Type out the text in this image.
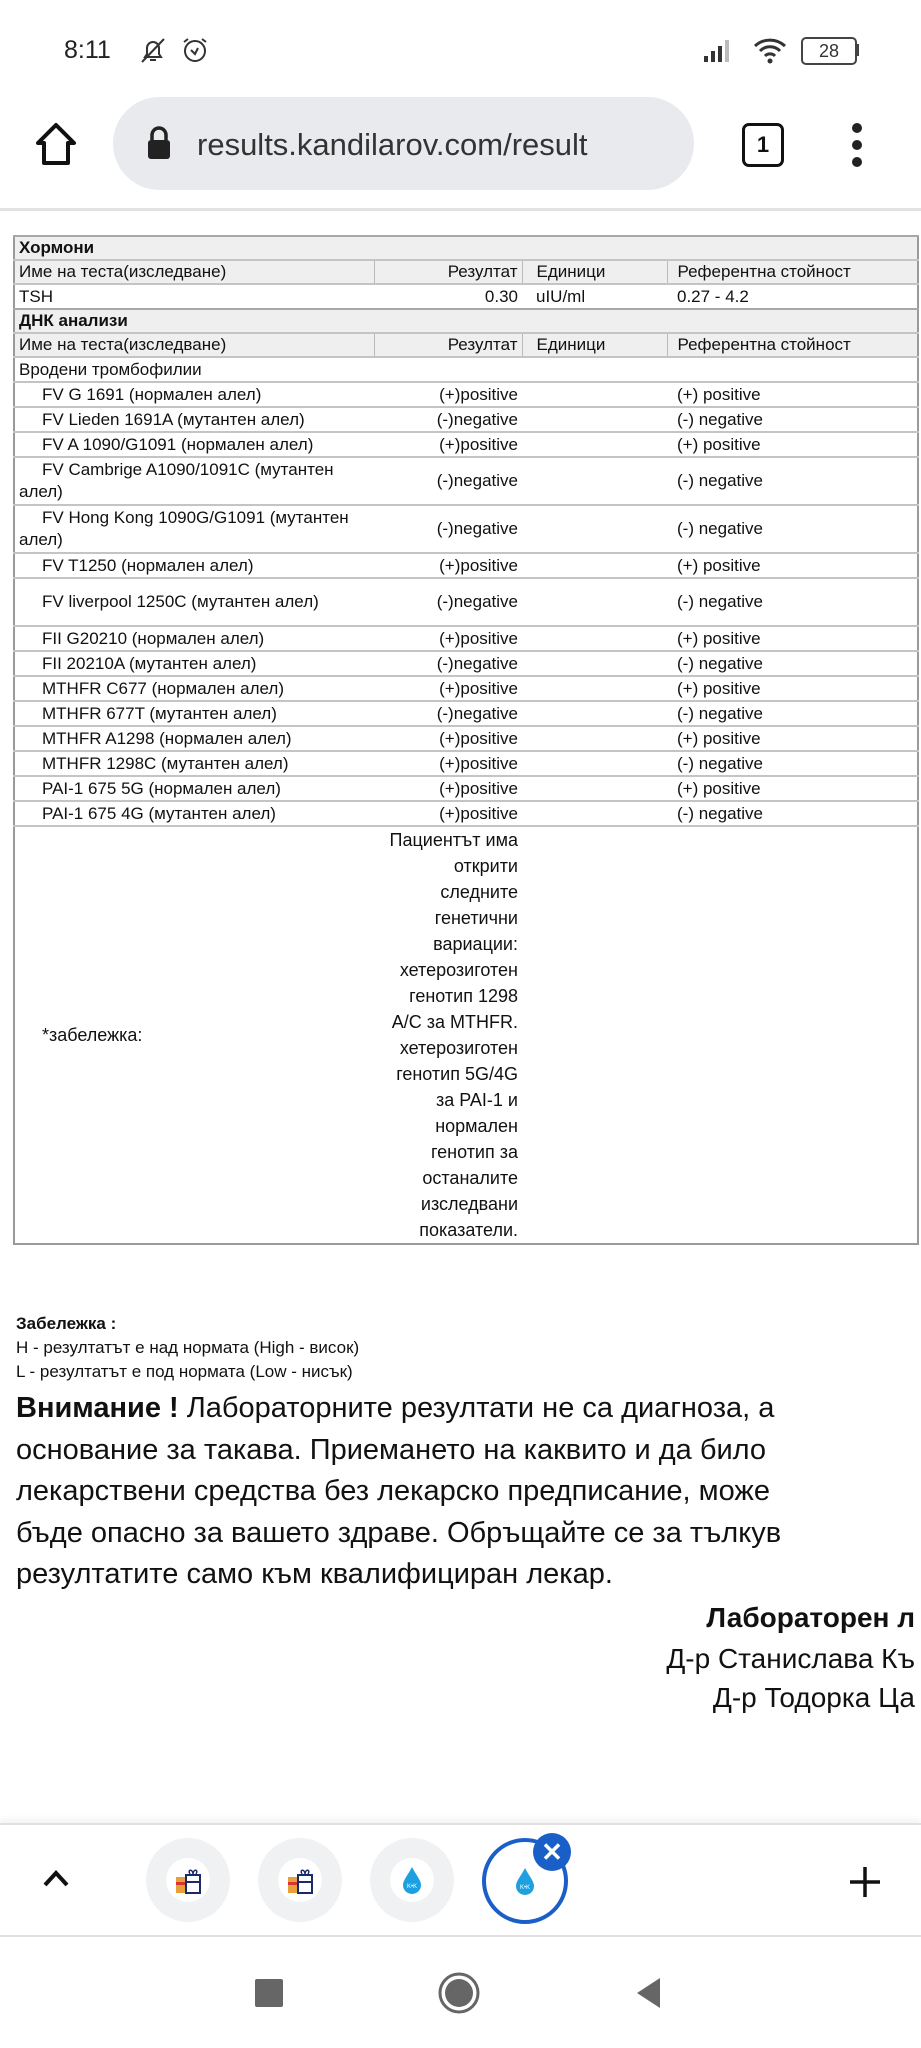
8:11	28
results.kandilarov.com/result	1
Хормони			
Име на теста(изследване)	Резултат	Единици	Референтна стойност
TSH	0.30	uIU/ml	0.27 - 4.2
ДНК анализи			
Име на теста(изследване)	Резултат	Единици	Референтна стойност
Вродени тромбофилии			
FV G 1691 (нормален алел)	(+)positive		(+) positive
FV Lieden 1691A (мутантен алел)	(-)negative		(-) negative
FV A 1090/G1091 (нормален алел)	(+)positive		(+) positive
FV Cambrige A1090/1091C (мутантен алел)	(-)negative		(-) negative
FV Hong Kong 1090G/G1091 (мутантен алел)	(-)negative		(-) negative
FV T1250 (нормален алел)	(+)positive		(+) positive
FV liverpool 1250C (мутантен алел)	(-)negative		(-) negative
FII G20210 (нормален алел)	(+)positive		(+) positive
FII 20210A (мутантен алел)	(-)negative		(-) negative
MTHFR C677 (нормален алел)	(+)positive		(+) positive
MTHFR 677T (мутантен алел)	(-)negative		(-) negative
MTHFR A1298 (нормален алел)	(+)positive		(+) positive
MTHFR 1298C (мутантен алел)	(+)positive		(-) negative
PAI-1 675 5G (нормален алел)	(+)positive		(+) positive
PAI-1 675 4G (мутантен алел)	(+)positive		(-) negative
*забележка:	Пациентът има открити следните генетични вариации: хетерозиготен генотип 1298 A/C за MTHFR. хетерозиготен генотип 5G/4G за PAI-1 и нормален генотип за останалите изследвани показатели.		
Забележка :
H - резултатът е над нормата (High - висок)
L - резултатът е под нормата (Low - нисък)
Внимание ! Лабораторните резултати не са диагноза, а
основание за такава. Приемането на каквито и да било
лекарствени средства без лекарско предписание, може
бъде опасно за вашето здраве. Обръщайте се за тълкув
резултатите само към квалифициран лекар.
Лабораторен л
Д-р Станислава Къ
Д-р Тодорка Ца
K•K	K•K
✕
